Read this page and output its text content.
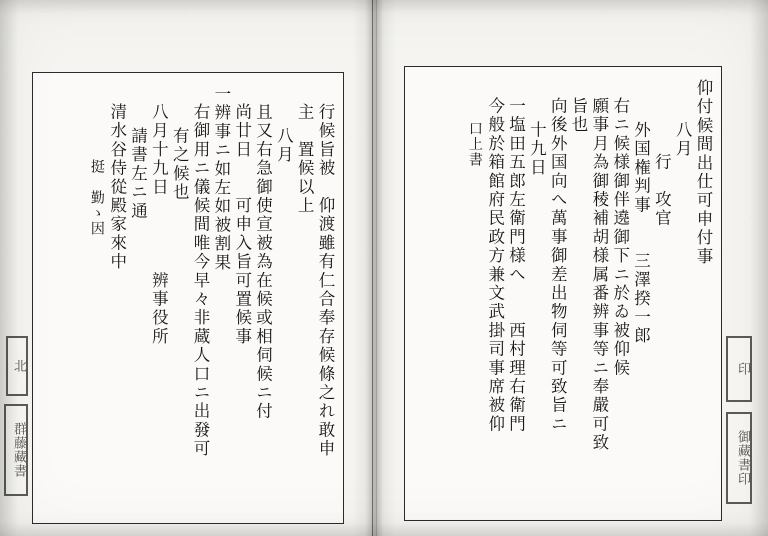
仰付候間出仕可申付事
八月
行　攻官
外国権判事　　三澤揆一郎
右ニ候様御伴遶御下ニ於ゐ被仰候
願事月為御稜補胡様属番辨事等ニ奉嚴可致
旨也
向後外国向へ萬事御差出物伺等可致旨ニ
十九日
一塩田五郎左衛門様へ　　西村理右衛門
今般於箱館府民政方兼文武掛司事席被仰
口上書
行候旨被　仰渡雖有仁合奉存候條之れ敢申
主　置候以上
八月
且又右急御使宣被為在候或相伺候ニ付
尚廿日　　可申入旨可置候事
一辨事ニ如左如被割果
右御用ニ儀候間唯今早々非蔵人口ニ出發可
有之候也
八月十九日　　　　辨事役所
請書左ニ通
清水谷侍從殿家來中
挺　勤ゝ因
北
群藤藏書
印
御藏書印
